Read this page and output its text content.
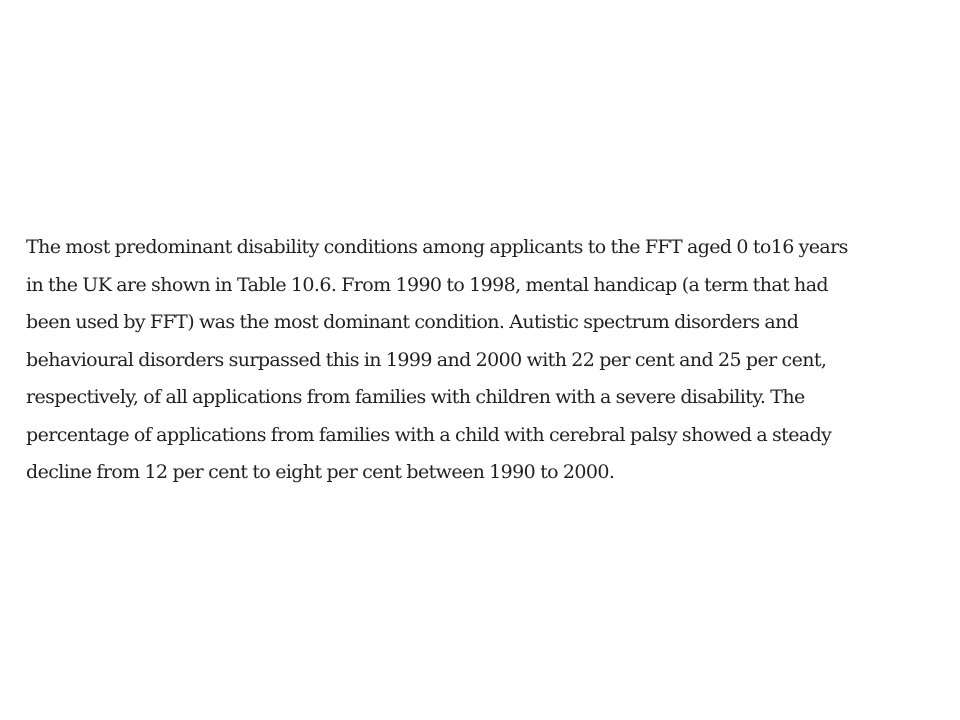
The most predominant disability conditions among applicants to the FFT aged 0 to16 years
in the UK are shown in Table 10.6. From 1990 to 1998, mental handicap (a term that had
been used by FFT) was the most dominant condition. Autistic spectrum disorders and
behavioural disorders surpassed this in 1999 and 2000 with 22 per cent and 25 per cent,
respectively, of all applications from families with children with a severe disability. The
percentage of applications from families with a child with cerebral palsy showed a steady
decline from 12 per cent to eight per cent between 1990 to 2000.
